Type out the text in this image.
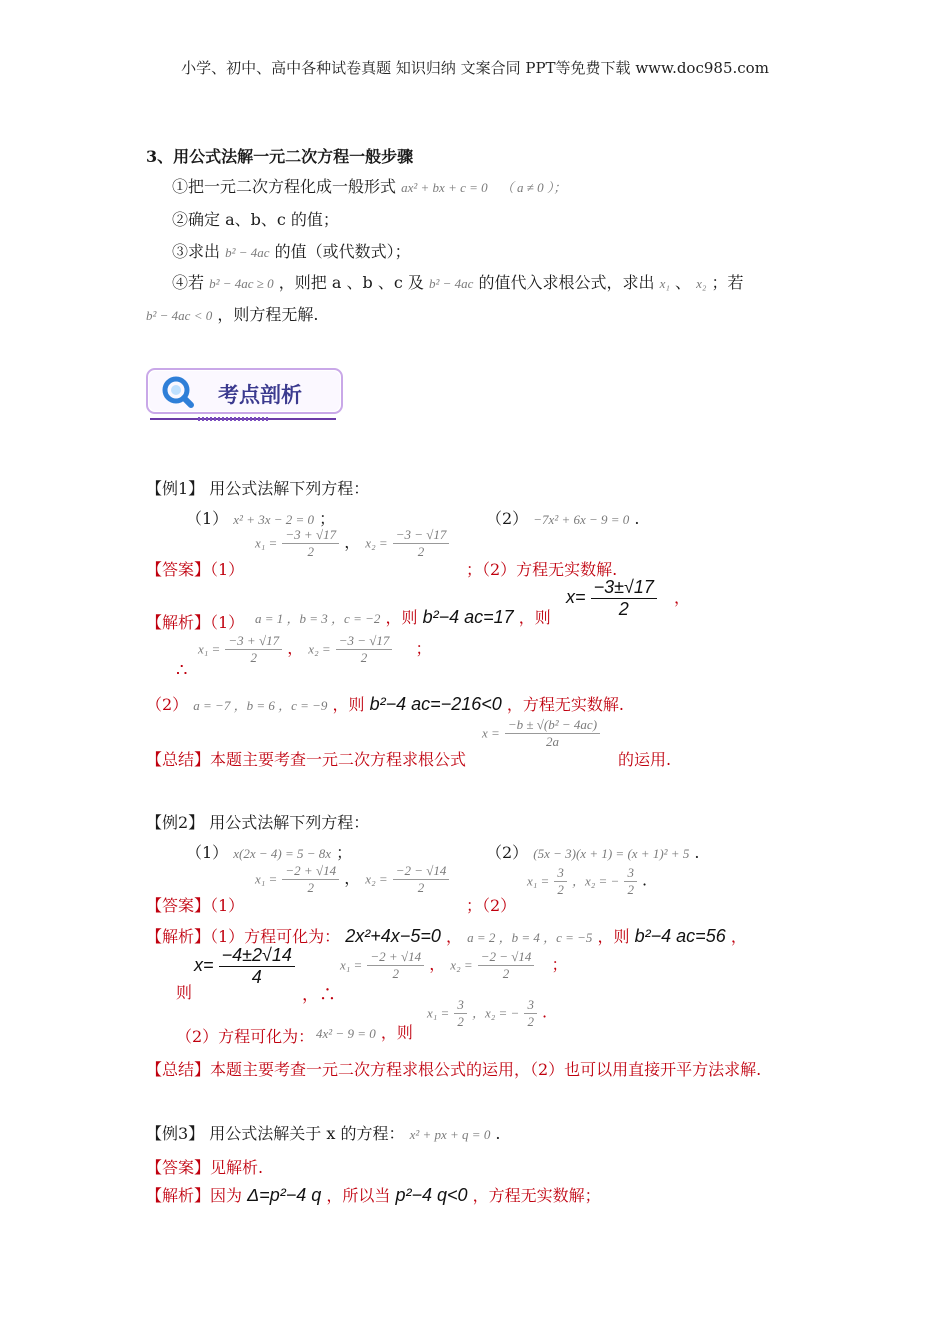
小学、初中、高中各种试卷真题 知识归纳 文案合同 PPT等免费下载 www.doc985.com
3、用公式法解一元二次方程一般步骤
①把一元二次方程化成一般形式 ax² + bx + c = 0 （ a ≠ 0 ）；
②确定 a、b、c 的值；
③求出 b² − 4ac 的值（或代数式）；
④若 b² − 4ac ≥ 0 ，则把 a 、b 、c 及 b² − 4ac 的值代入求根公式，求出 x₁ 、 x₂ ；若
b² − 4ac < 0 ，则方程无解.
考点剖析
【例1】 用公式法解下列方程：
（1） x² + 3x − 2 = 0 ；	（2） −7x² + 6x − 9 = 0 .
【答案】（1）
$x_1 = \frac{-3 + √17}{2}$ ， $x_2 = \frac{-3 - √17}{2}$
；（2）方程无实数解.
【解析】（1） a = 1 ，b = 3 ，c = −2 ，则 b²−4 ac=17 ，则
$x= \frac{-3\pm√17}{2}$ ，
∴
$x_1 = \frac{-3 + √17}{2}$ ， $x_2 = \frac{-3 - √17}{2}$ ；
（2） a = −7 ，b = 6 ，c = −9 ，则 b²−4 ac=−216<0 ，方程无实数解.
【总结】本题主要考查一元二次方程求根公式
$x = \frac{\text{−b ± √(b² − 4ac)}}{2a}$
的运用.
【例2】 用公式法解下列方程：
（1） x(2x − 4) = 5 − 8x ；	（2） (5x − 3)(x + 1) = (x + 1)² + 5 .
【答案】（1）
$x_1 = \frac{-2 + √14}{2}$ ， $x_2 = \frac{-2 - √14}{2}$
；（2）
$x_1 = \frac{3}{2}$ ，x₂ = − $\frac{3}{2}$ .
【解析】（1）方程可化为： 2x²+4x−5=0 ， a = 2 ，b = 4 ，c = −5 ，则 b²−4 ac=56 ，
则
$x= \frac{-4\pm 2√14}{4}$
，∴
$x_1 = \frac{-2 + √14}{2}$ ， $x_2 = \frac{-2 - √14}{2}$ ；
（2）方程可化为： 4x² − 9 = 0 ，则
$x_1 = \frac{3}{2}$ ，x₂ = − $\frac{3}{2}$ .
【总结】本题主要考查一元二次方程求根公式的运用，（2）也可以用直接开平方法求解.
【例3】 用公式法解关于 x 的方程： x² + px + q = 0 .
【答案】见解析.
【解析】因为 Δ=p²−4 q ，所以当 p²−4 q<0 ，方程无实数解；
